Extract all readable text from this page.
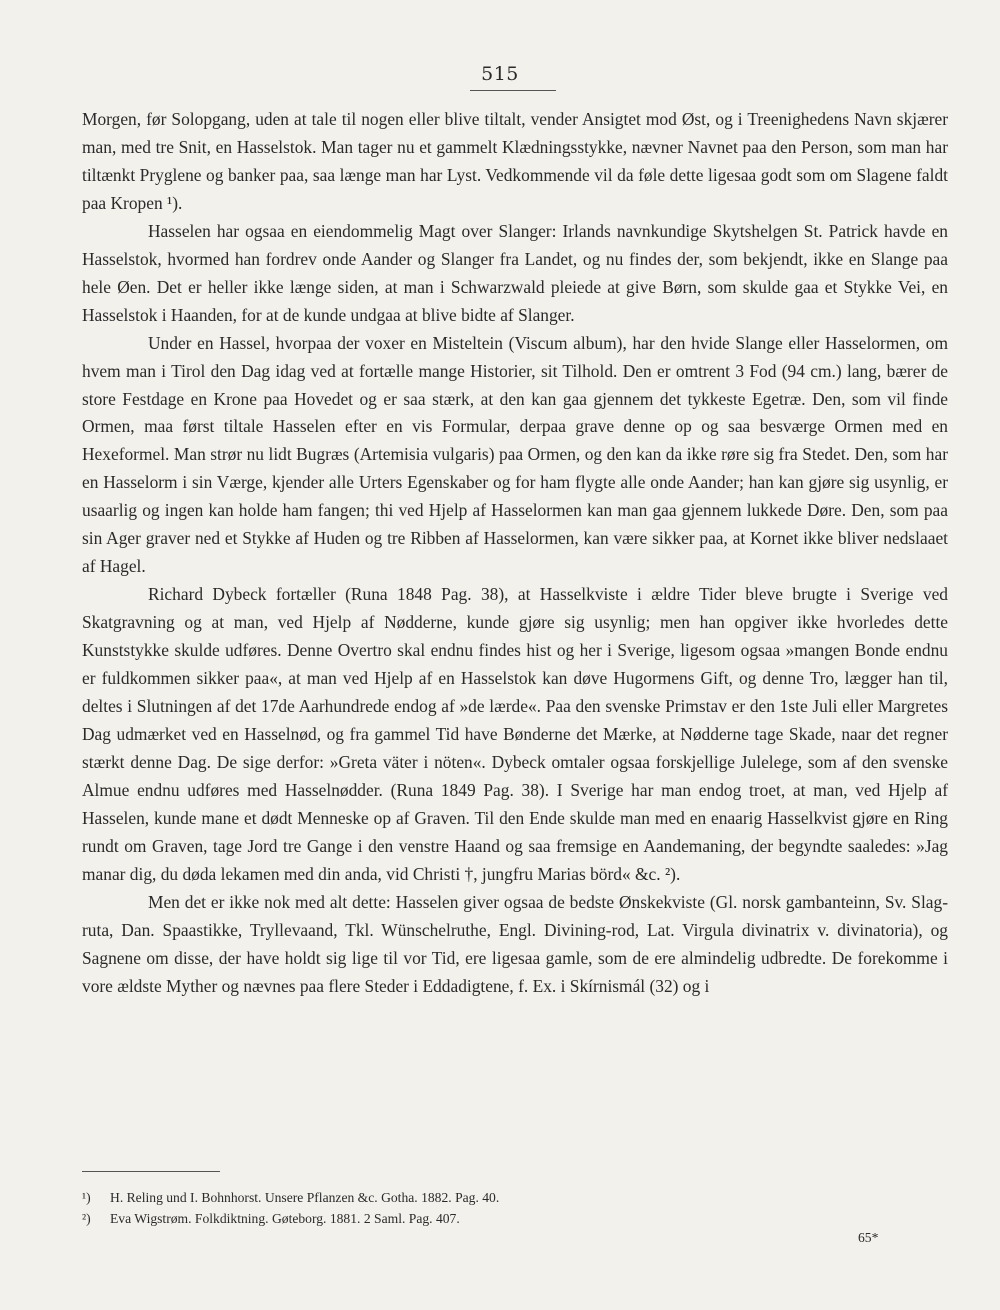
515

Morgen, før Solopgang, uden at tale til nogen eller blive tiltalt, vender Ansigtet mod Øst, og i Treenighedens Navn skjærer man, med tre Snit, en Hasselstok. Man tager nu et gammelt Klædningsstykke, nævner Navnet paa den Person, som man har tiltænkt Pryglene og banker paa, saa længe man har Lyst. Vedkommende vil da føle dette ligesaa godt som om Slagene faldt paa Kropen ¹).

Hasselen har ogsaa en eiendommelig Magt over Slanger: Irlands navnkundige Skytshelgen St. Patrick havde en Hasselstok, hvormed han fordrev onde Aander og Slanger fra Landet, og nu findes der, som bekjendt, ikke en Slange paa hele Øen. Det er heller ikke længe siden, at man i Schwarzwald pleiede at give Børn, som skulde gaa et Stykke Vei, en Hasselstok i Haanden, for at de kunde undgaa at blive bidte af Slanger.

Under en Hassel, hvorpaa der voxer en Misteltein (Viscum album), har den hvide Slange eller Hasselormen, om hvem man i Tirol den Dag idag ved at fortælle mange Historier, sit Tilhold. Den er omtrent 3 Fod (94 cm.) lang, bærer de store Festdage en Krone paa Hovedet og er saa stærk, at den kan gaa gjennem det tykkeste Egetræ. Den, som vil finde Ormen, maa først tiltale Hasselen efter en vis Formular, derpaa grave denne op og saa besværge Ormen med en Hexeformel. Man strør nu lidt Bugræs (Artemisia vulgaris) paa Ormen, og den kan da ikke røre sig fra Stedet. Den, som har en Hasselorm i sin Værge, kjender alle Urters Egenskaber og for ham flygte alle onde Aander; han kan gjøre sig usynlig, er usaarlig og ingen kan holde ham fangen; thi ved Hjelp af Hasselormen kan man gaa gjennem lukkede Døre. Den, som paa sin Ager graver ned et Stykke af Huden og tre Ribben af Hasselormen, kan være sikker paa, at Kornet ikke bliver nedslaaet af Hagel.

Richard Dybeck fortæller (Runa 1848 Pag. 38), at Hasselkviste i ældre Tider bleve brugte i Sverige ved Skatgravning og at man, ved Hjelp af Nødderne, kunde gjøre sig usynlig; men han opgiver ikke hvorledes dette Kunststykke skulde udføres. Denne Overtro skal endnu findes hist og her i Sverige, ligesom ogsaa »mangen Bonde endnu er fuldkommen sikker paa«, at man ved Hjelp af en Hasselstok kan døve Hugormens Gift, og denne Tro, lægger han til, deltes i Slutningen af det 17de Aarhundrede endog af »de lærde«. Paa den svenske Primstav er den 1ste Juli eller Margretes Dag udmærket ved en Hasselnød, og fra gammel Tid have Bønderne det Mærke, at Nødderne tage Skade, naar det regner stærkt denne Dag. De sige derfor: »Greta väter i nöten«. Dybeck omtaler ogsaa forskjellige Julelege, som af den svenske Almue endnu udføres med Hasselnødder. (Runa 1849 Pag. 38). I Sverige har man endog troet, at man, ved Hjelp af Hasselen, kunde mane et dødt Menneske op af Graven. Til den Ende skulde man med en enaarig Hasselkvist gjøre en Ring rundt om Graven, tage Jord tre Gange i den venstre Haand og saa fremsige en Aandemaning, der begyndte saaledes: »Jag manar dig, du døda lekamen med din anda, vid Christi †, jungfru Marias börd« &c. ²).

Men det er ikke nok med alt dette: Hasselen giver ogsaa de bedste Ønskekviste (Gl. norsk gambanteinn, Sv. Slag-ruta, Dan. Spaastikke, Tryllevaand, Tkl. Wünschelruthe, Engl. Divining-rod, Lat. Virgula divinatrix v. divinatoria), og Sagnene om disse, der have holdt sig lige til vor Tid, ere ligesaa gamle, som de ere almindelig udbredte. De forekomme i vore ældste Myther og nævnes paa flere Steder i Eddadigtene, f. Ex. i Skírnismál (32) og i

¹) H. Reling und I. Bohnhorst. Unsere Pflanzen &c. Gotha. 1882. Pag. 40.

²) Eva Wigstrøm. Folkdiktning. Gøteborg. 1881. 2 Saml. Pag. 407.

65*
